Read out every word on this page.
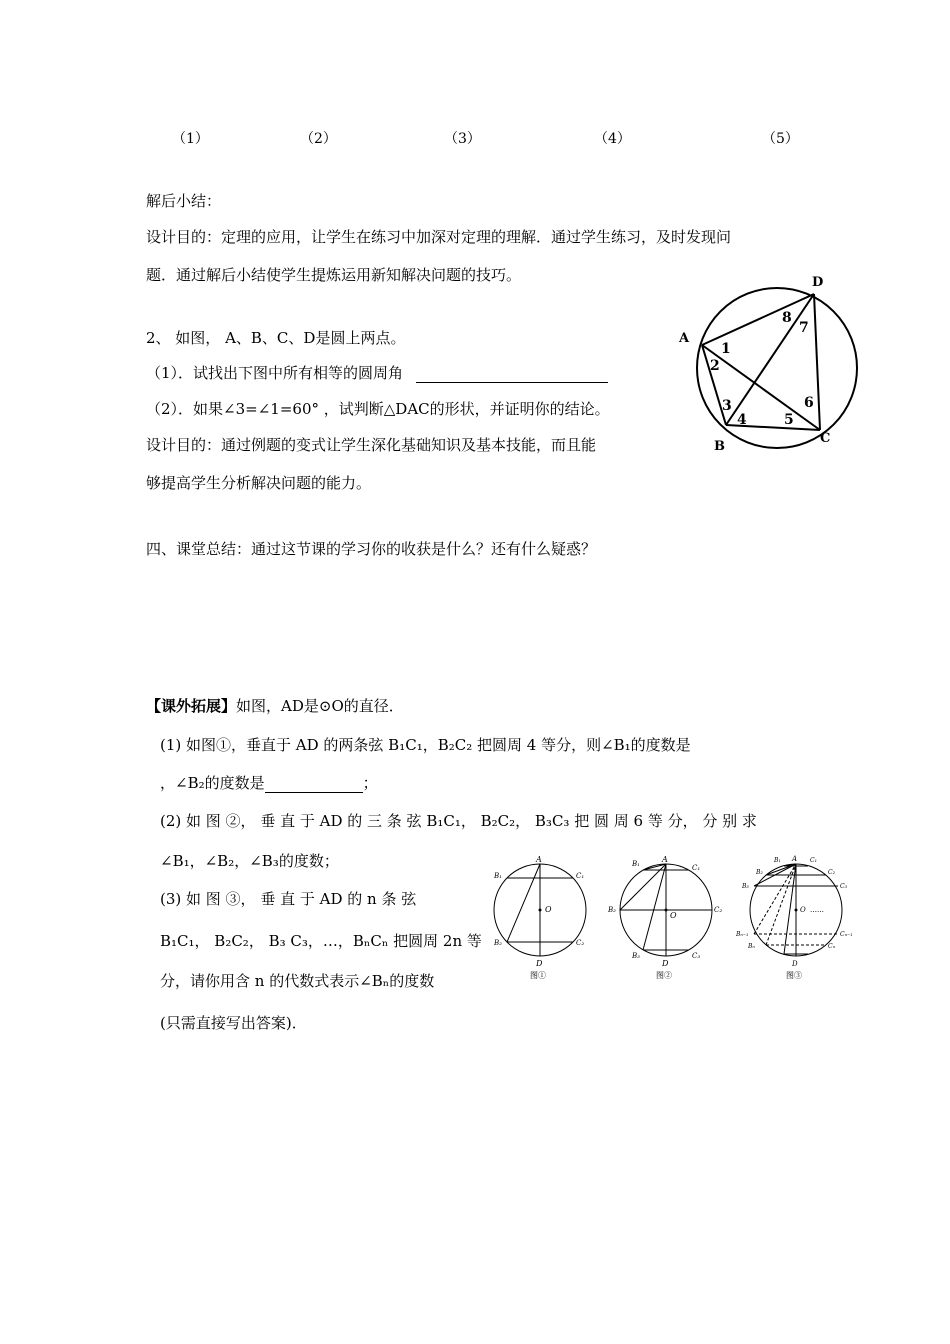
（1）	（2）	（3）	（4）	（5）
解后小结：
设计目的：定理的应用，让学生在练习中加深对定理的理解．通过学生练习，及时发现问
题．通过解后小结使学生提炼运用新知解决问题的技巧。
2、 如图， A、B、C、D是圆上两点。
（1）．试找出下图中所有相等的圆周角
（2）．如果∠3=∠1=60° ，试判断△DAC的形状，并证明你的结论。
设计目的：通过例题的变式让学生深化基础知识及基本技能，而且能
够提高学生分析解决问题的能力。
A
B
C
D
1
2
3
4	5
6
7
8
四、课堂总结：通过这节课的学习你的收获是什么？还有什么疑惑？
【课外拓展】如图，AD是⊙O的直径．
(1) 如图①，垂直于 AD 的两条弦 B₁C₁，B₂C₂ 把圆周 4 等分，则∠B₁的度数是
，∠B₂的度数是	；
(2) 如 图 ②， 垂 直 于 AD 的 三 条 弦 B₁C₁， B₂C₂， B₃C₃ 把 圆 周 6 等 分， 分 别 求
∠B₁，∠B₂，∠B₃的度数；
(3) 如 图 ③， 垂 直 于 AD 的 n 条 弦
B₁C₁， B₂C₂， B₃ C₃，…，BₙCₙ 把圆周 2n 等
分，请你用含 n 的代数式表示∠Bₙ的度数
(只需直接写出答案)．
A
D
O
B₁	C₁
B₂	C₂
图①
A
D
O
B₁	C₁
B₂	C₂
B₃	C₃
图②
A
D
O ……
B₁	C₁
B₂	C₂
B₃	C₃
Bₙ₋₁	Cₙ₋₁
Bₙ	Cₙ
图③
